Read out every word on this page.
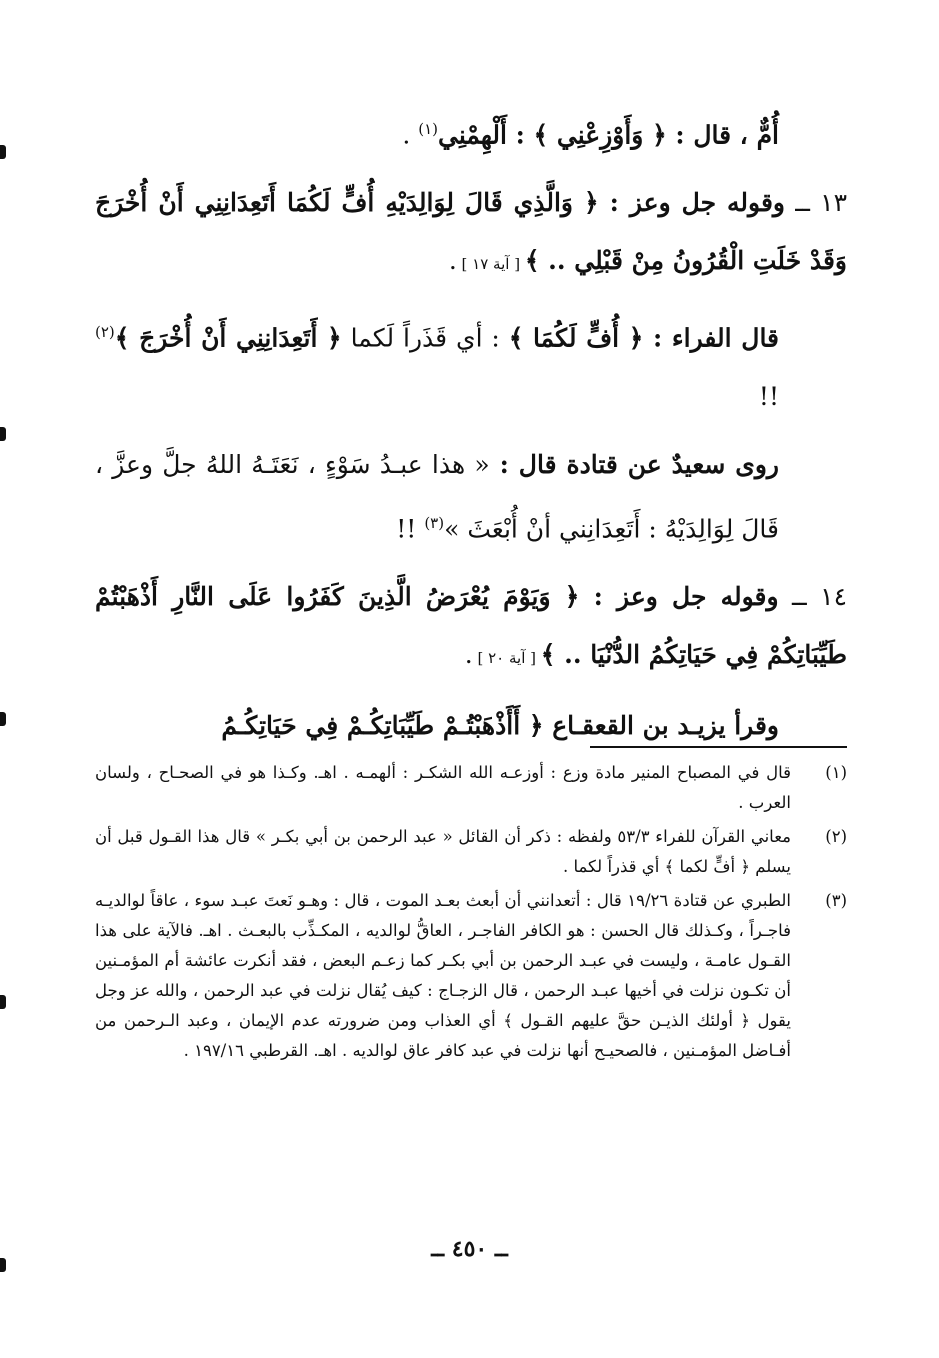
أُمٌّ ، قال : ﴿ وَأَوْزِعْنِي ﴾ : أَلْهِمْنِي$^{(١)}$ .

١٣ ــ وقوله جل وعز : ﴿ وَالَّذِي قَالَ لِوَالِدَيْهِ أُفٍّ لَكُمَا أَتَعِدَانِنِي أَنْ أُخْرَجَ وَقَدْ خَلَتِ الْقُرُونُ مِنْ قَبْلِي .. ﴾ [ آية ١٧ ] .

قال الفراء : ﴿ أُفٍّ لَكُمَا ﴾ : أي قَذَراً لَكما ﴿ أَتَعِدَانِنِي أَنْ أُخْرَجَ ﴾$^{(٢)}$ !!

روى سعيدٌ عن قتادة قال : « هذا عبـدُ سَوْءٍ ، نَعَتَـهُ اللهُ جلَّ وعزَّ ، قَالَ لِوَالِدَيْهُ : أَتَعِدَانِني أنْ أُبْعَثَ »$^{(٣)}$ !!

١٤ ــ وقوله جل وعز : ﴿ وَيَوْمَ يُعْرَضُ الَّذِينَ كَفَرُوا عَلَى النَّارِ أَذْهَبْتُمْ طَيِّبَاتِكُمْ فِي حَيَاتِكُمُ الدُّنْيَا .. ﴾ [ آية ٢٠ ] .

وقرأ يزيـد بن القعقـاع ﴿ أَأَذْهَبْتُـمْ طَيِّبَاتِكُـمْ فِي حَيَاتِكُـمُ

(١)
قال في المصباح المنير مادة وزع : أوزعـه الله الشكـر : ألهمـه . اهـ. وكـذا هو في الصحـاح ، ولسان العرب .
(٢)
معاني القرآن للفراء ٥٣/٣ ولفظه : ذكر أن القائل « عبد الرحمن بن أبي بكـر » قال هذا القـول قبل أن يسلم ﴿ أفٍّ لكما ﴾ أي قذراً لكما .
(٣)
الطبري عن قتادة ١٩/٢٦ قال : أتعدانني أن أبعث بعـد الموت ، قال : وهـو نَعتَ عبـد سوء ، عاقاً لوالديـه فاجـراً ، وكـذلك قال الحسن : هو الكافر الفاجـر ، العاقُّ لوالديه ، المكـذِّب بالبعـث . اهـ. فالآية على هذا القـول عامـة ، وليست في عبـد الرحمن بن أبي بكـر كما زعـم البعض ، فقد أنكرت عائشة أم المؤمـنين أن تكـون نزلت في أخيها عبـد الرحمن ، قال الزجـاج : كيف يُقال نزلت في عبد الرحمن ، والله عز وجل يقول ﴿ أولئك الذيـن حقَّ عليهم القـول ﴾ أي العذاب ومن ضرورته عدم الإيمان ، وعبد الـرحمن من أفـاضل المؤمـنين ، فالصحيـح أنها نزلت في عبد كافر عاق لوالديه . اهـ. القرطبي ١٩٧/١٦ .
ــ ٤٥٠ ــ
